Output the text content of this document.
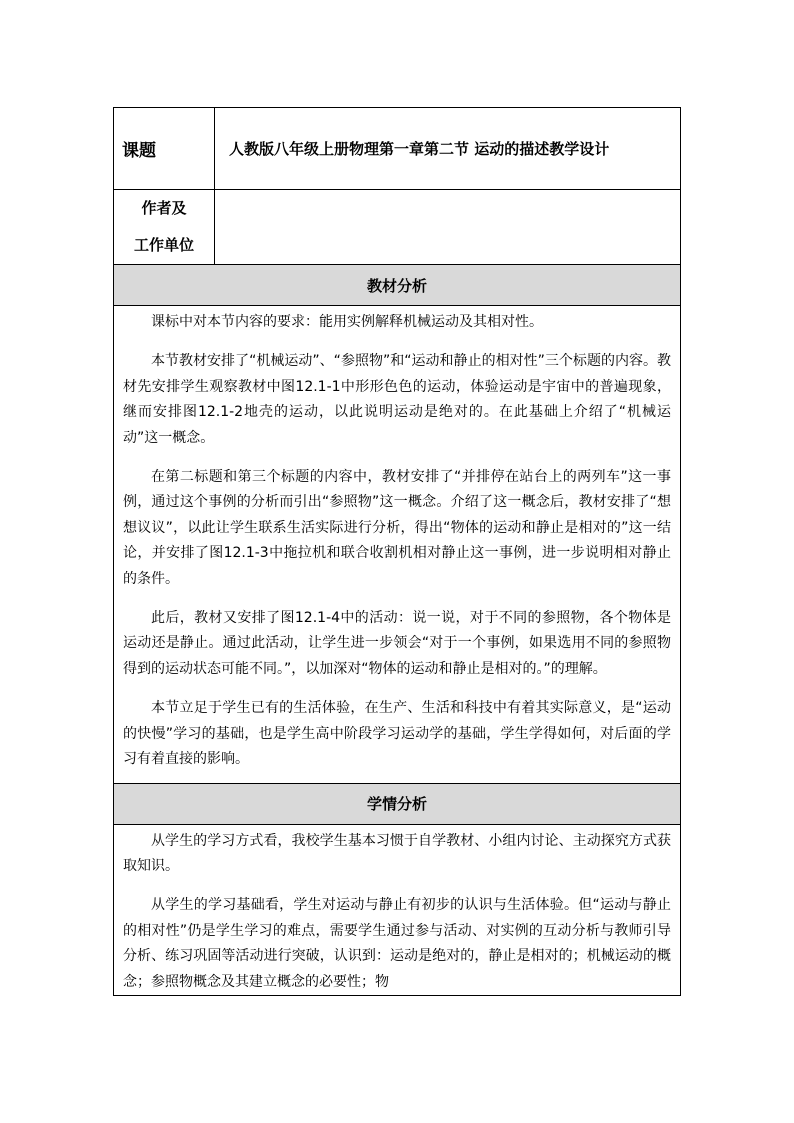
课题	人教版八年级上册物理第一章第二节 运动的描述教学设计

作者及
工作单位	

教材分析	

课标中对本节内容的要求：能用实例解释机械运动及其相对性。

本节教材安排了“机械运动”、“参照物”和“运动和静止的相对性”三个标题的内容。教材先安排学生观察教材中图12.1-1中形形色色的运动，体验运动是宇宙中的普遍现象，继而安排图12.1-2地壳的运动，以此说明运动是绝对的。在此基础上介绍了“机械运动”这一概念。

在第二标题和第三个标题的内容中，教材安排了“并排停在站台上的两列车”这一事例，通过这个事例的分析而引出“参照物”这一概念。介绍了这一概念后，教材安排了“想想议议”，以此让学生联系生活实际进行分析，得出“物体的运动和静止是相对的”这一结论，并安排了图12.1-3中拖拉机和联合收割机相对静止这一事例，进一步说明相对静止的条件。

此后，教材又安排了图12.1-4中的活动：说一说，对于不同的参照物，各个物体是运动还是静止。通过此活动，让学生进一步领会“对于一个事例，如果选用不同的参照物得到的运动状态可能不同。”，以加深对“物体的运动和静止是相对的。”的理解。

本节立足于学生已有的生活体验，在生产、生活和科技中有着其实际意义，是“运动的快慢”学习的基础，也是学生高中阶段学习运动学的基础，学生学得如何，对后面的学习有着直接的影响。	

学情分析	

从学生的学习方式看，我校学生基本习惯于自学教材、小组内讨论、主动探究方式获取知识。

从学生的学习基础看，学生对运动与静止有初步的认识与生活体验。但“运动与静止的相对性”仍是学生学习的难点，需要学生通过参与活动、对实例的互动分析与教师引导分析、练习巩固等活动进行突破，认识到：运动是绝对的，静止是相对的；机械运动的概念；参照物概念及其建立概念的必要性；物	
